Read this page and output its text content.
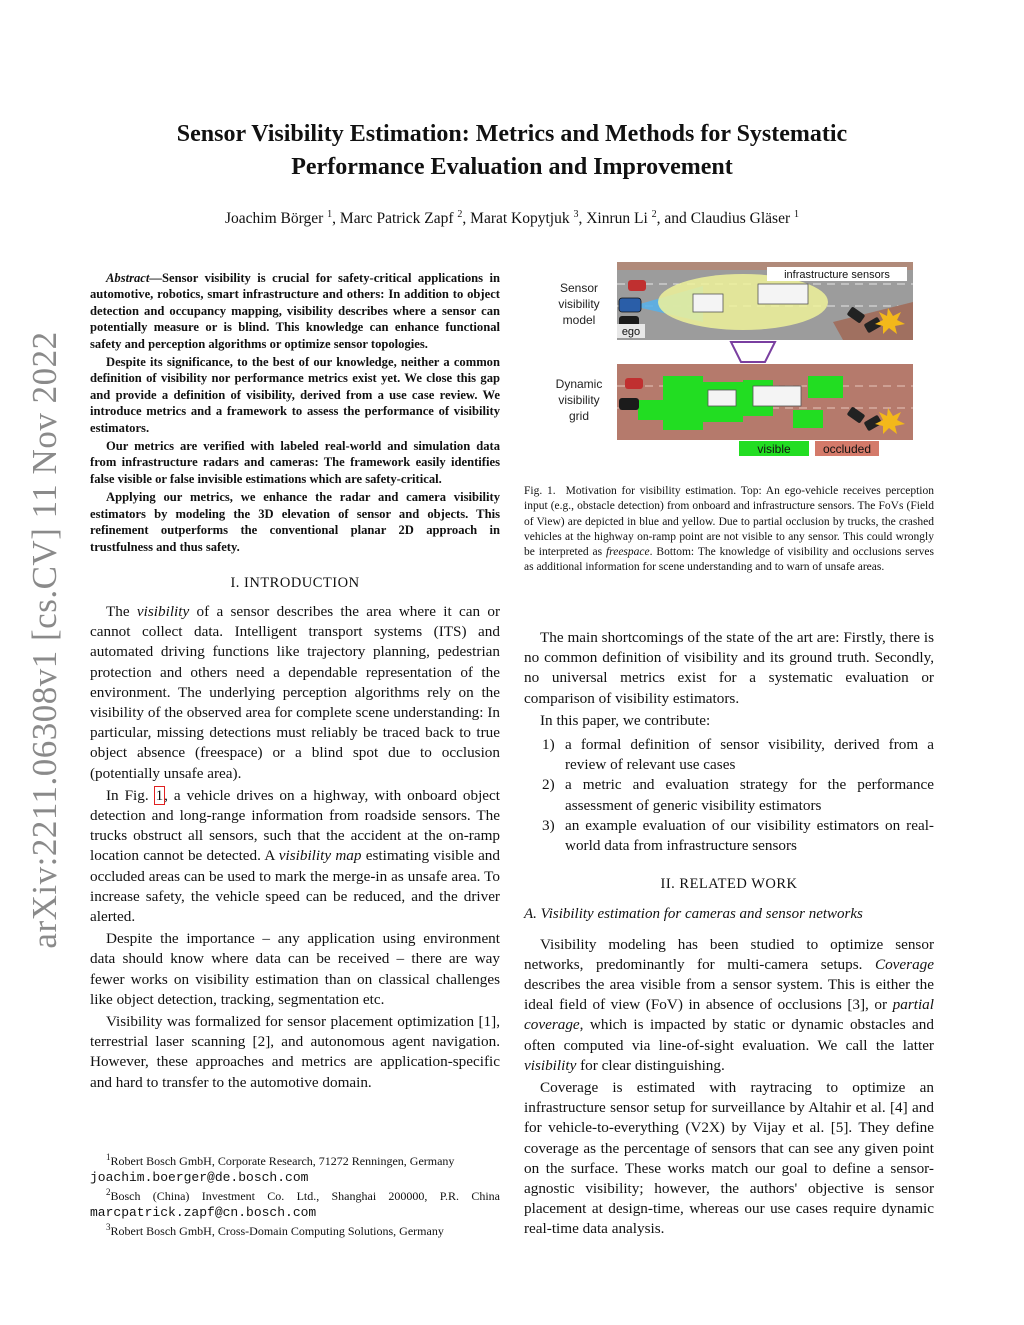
arXiv:2211.06308v1 [cs.CV] 11 Nov 2022
Sensor Visibility Estimation: Metrics and Methods for Systematic
Performance Evaluation and Improvement
Joachim Börger $^1$, Marc Patrick Zapf $^2$, Marat Kopytjuk $^3$, Xinrun Li $^2$, and Claudius Gläser $^1$

Abstract—Sensor visibility is crucial for safety-critical applications in automotive, robotics, smart infrastructure and others: In addition to object detection and occupancy mapping, visibility describes where a sensor can potentially measure or is blind. This knowledge can enhance functional safety and perception algorithms or optimize sensor topologies.

Despite its significance, to the best of our knowledge, neither a common definition of visibility nor performance metrics exist yet. We close this gap and provide a definition of visibility, derived from a use case review. We introduce metrics and a framework to assess the performance of visibility estimators.

Our metrics are verified with labeled real-world and simulation data from infrastructure radars and cameras: The framework easily identifies false visible or false invisible estimations which are safety-critical.

Applying our metrics, we enhance the radar and camera visibility estimators by modeling the 3D elevation of sensor and objects. This refinement outperforms the conventional planar 2D approach in trustfulness and thus safety.

I. INTRODUCTION

The visibility of a sensor describes the area where it can or cannot collect data. Intelligent transport systems (ITS) and automated driving functions like trajectory planning, pedestrian protection and others need a dependable representation of the environment. The underlying perception algorithms rely on the visibility of the observed area for complete scene understanding: In particular, missing detections must reliably be traced back to true object absence (freespace) or a blind spot due to occlusion (potentially unsafe area).

In Fig. 1, a vehicle drives on a highway, with onboard object detection and long-range information from roadside sensors. The trucks obstruct all sensors, such that the accident at the on-ramp location cannot be detected. A visibility map estimating visible and occluded areas can be used to mark the merge-in as unsafe area. To increase safety, the vehicle speed can be reduced, and the driver alerted.

Despite the importance – any application using environment data should know where data can be received – there are way fewer works on visibility estimation than on classical challenges like object detection, tracking, segmentation etc.

Visibility was formalized for sensor placement optimization [1], terrestrial laser scanning [2], and autonomous agent navigation. However, these approaches and metrics are application-specific and hard to transfer to the automotive domain.

$^1$Robert Bosch GmbH, Corporate Research, 71272 Renningen, Germany

joachim.boerger@de.bosch.com

$^2$Bosch (China) Investment Co. Ltd., Shanghai 200000, P.R. China

marcpatrick.zapf@cn.bosch.com

$^3$Robert Bosch GmbH, Cross-Domain Computing Solutions, Germany

infrastructure sensors
ego
Sensor
visibility
model
Dynamic
visibility
grid
visible	occluded
Fig. 1. Motivation for visibility estimation. Top: An ego-vehicle receives perception input (e.g., obstacle detection) from onboard and infrastructure sensors. The FoVs (Field of View) are depicted in blue and yellow. Due to partial occlusion by trucks, the crashed vehicles at the highway on-ramp point are not visible to any sensor. This could wrongly be interpreted as freespace. Bottom: The knowledge of visibility and occlusions serves as additional information for scene understanding and to warn of unsafe areas.

The main shortcomings of the state of the art are: Firstly, there is no common definition of visibility and its ground truth. Secondly, no universal metrics exist for a systematic evaluation or comparison of visibility estimators.

In this paper, we contribute:

1) a formal definition of sensor visibility, derived from a review of relevant use cases
2) a metric and evaluation strategy for the performance assessment of generic visibility estimators
3) an example evaluation of our visibility estimators on real-world data from infrastructure sensors
II. RELATED WORK
A. Visibility estimation for cameras and sensor networks

Visibility modeling has been studied to optimize sensor networks, predominantly for multi-camera setups. Coverage describes the area visible from a sensor system. This is either the ideal field of view (FoV) in absence of occlusions [3], or partial coverage, which is impacted by static or dynamic obstacles and often computed via line-of-sight evaluation. We call the latter visibility for clear distinguishing.

Coverage is estimated with raytracing to optimize an infrastructure sensor setup for surveillance by Altahir et al. [4] and for vehicle-to-everything (V2X) by Vijay et al. [5]. They define coverage as the percentage of sensors that can see any given point on the surface. These works match our goal to define a sensor-agnostic visibility; however, the authors' objective is sensor placement at design-time, whereas our use cases require dynamic real-time data analysis.
